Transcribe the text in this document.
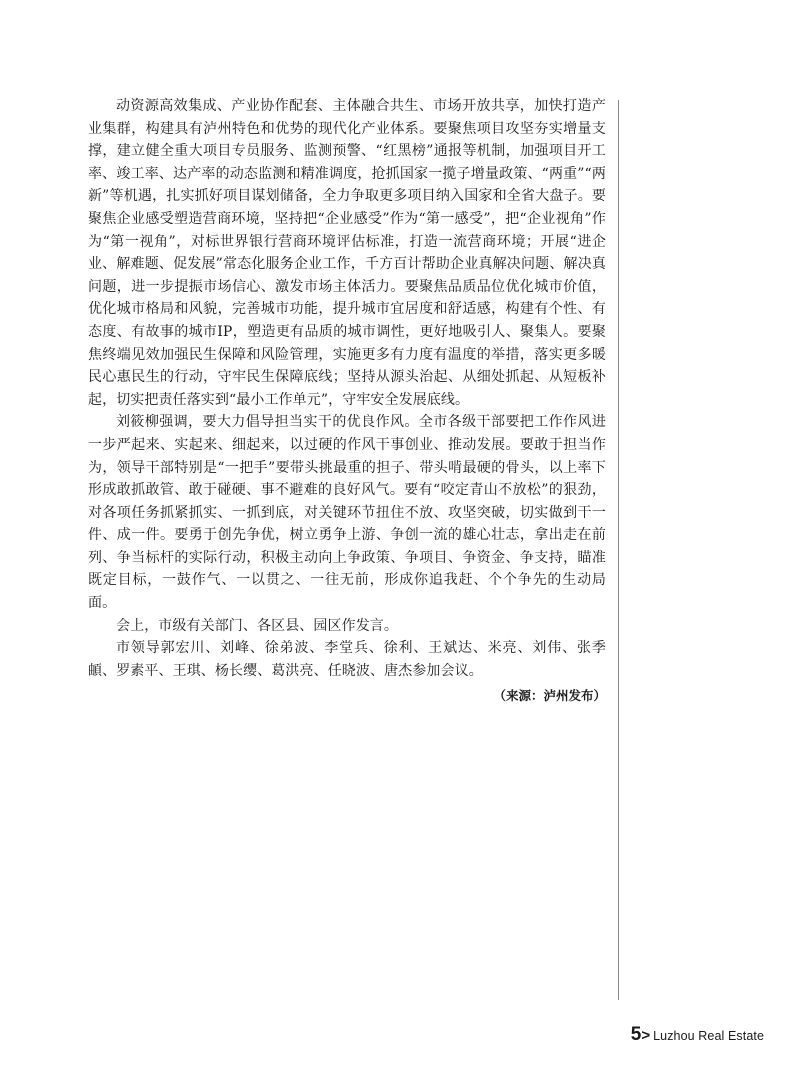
动资源高效集成、产业协作配套、主体融合共生、市场开放共享，加快打造产业集群，构建具有泸州特色和优势的现代化产业体系。要聚焦项目攻坚夯实增量支撑，建立健全重大项目专员服务、监测预警、“红黑榜”通报等机制，加强项目开工率、竣工率、达产率的动态监测和精准调度，抢抓国家一揽子增量政策、“两重”“两新”等机遇，扎实抓好项目谋划储备，全力争取更多项目纳入国家和全省大盘子。要聚焦企业感受塑造营商环境，坚持把“企业感受”作为“第一感受”，把“企业视角”作为“第一视角”，对标世界银行营商环境评估标准，打造一流营商环境；开展“进企业、解难题、促发展”常态化服务企业工作，千方百计帮助企业真解决问题、解决真问题，进一步提振市场信心、激发市场主体活力。要聚焦品质品位优化城市价值，优化城市格局和风貌，完善城市功能，提升城市宜居度和舒适感，构建有个性、有态度、有故事的城市IP，塑造更有品质的城市调性，更好地吸引人、聚集人。要聚焦终端见效加强民生保障和风险管理，实施更多有力度有温度的举措，落实更多暖民心惠民生的行动，守牢民生保障底线；坚持从源头治起、从细处抓起、从短板补起，切实把责任落实到“最小工作单元”，守牢安全发展底线。

刘筱柳强调，要大力倡导担当实干的优良作风。全市各级干部要把工作作风进一步严起来、实起来、细起来，以过硬的作风干事创业、推动发展。要敢于担当作为，领导干部特别是“一把手”要带头挑最重的担子、带头啃最硬的骨头，以上率下形成敢抓敢管、敢于碰硬、事不避难的良好风气。要有“咬定青山不放松”的狠劲，对各项任务抓紧抓实、一抓到底，对关键环节扭住不放、攻坚突破，切实做到干一件、成一件。要勇于创先争优，树立勇争上游、争创一流的雄心壮志，拿出走在前列、争当标杆的实际行动，积极主动向上争政策、争项目、争资金、争支持，瞄准既定目标，一鼓作气、一以贯之、一往无前，形成你追我赶、个个争先的生动局面。

会上，市级有关部门、各区县、园区作发言。

市领导郭宏川、刘峰、徐弟波、李堂兵、徐利、王斌达、米亮、刘伟、张季頔、罗素平、王琪、杨长缨、葛洪亮、任晓波、唐杰参加会议。

（来源：泸州发布）

5 > Luzhou Real Estate
